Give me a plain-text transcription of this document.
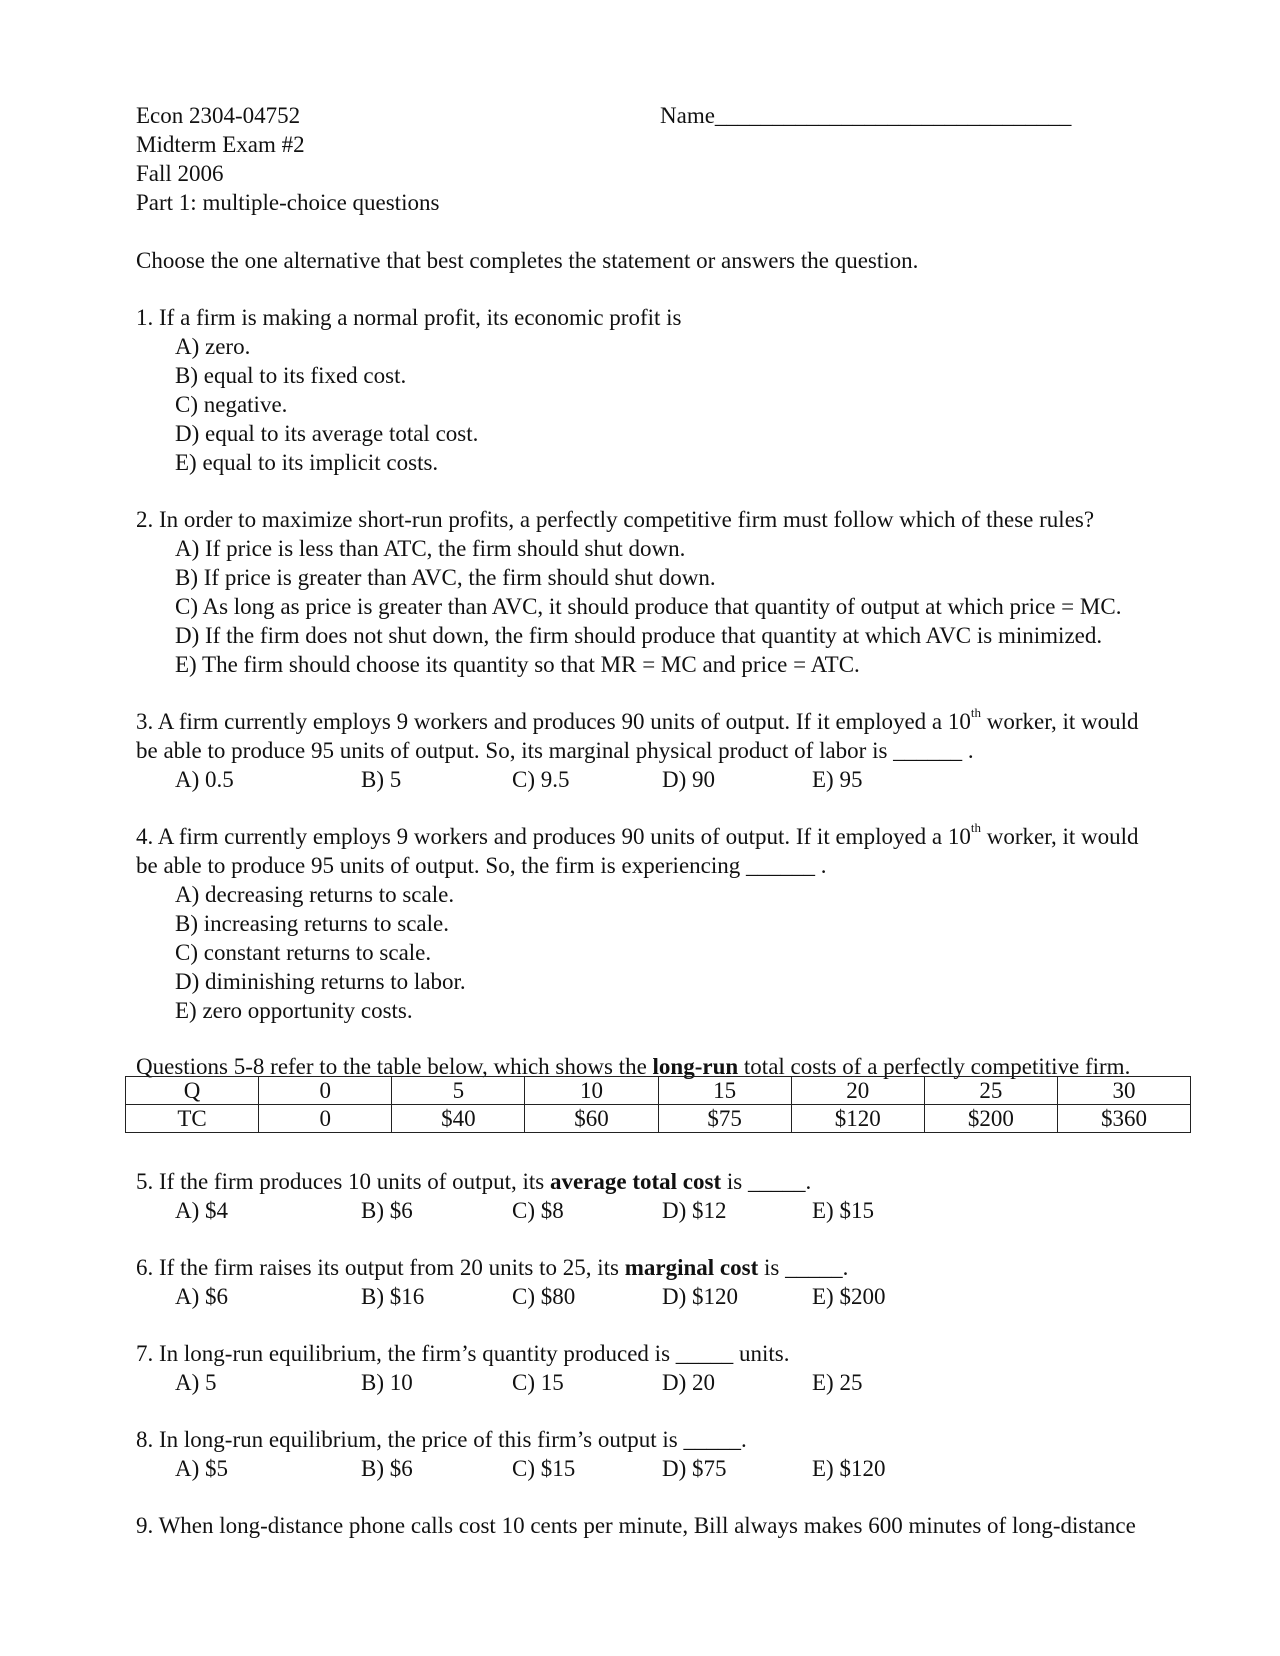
Econ 2304-04752	Name_______________________________
Midterm Exam #2
Fall 2006
Part 1: multiple-choice questions
Choose the one alternative that best completes the statement or answers the question.
1. If a firm is making a normal profit, its economic profit is
A) zero.
B) equal to its fixed cost.
C) negative.
D) equal to its average total cost.
E) equal to its implicit costs.
2. In order to maximize short-run profits, a perfectly competitive firm must follow which of these rules?
A) If price is less than ATC, the firm should shut down.
B) If price is greater than AVC, the firm should shut down.
C) As long as price is greater than AVC, it should produce that quantity of output at which price = MC.
D) If the firm does not shut down, the firm should produce that quantity at which AVC is minimized.
E) The firm should choose its quantity so that MR = MC and price = ATC.
3. A firm currently employs 9 workers and produces 90 units of output. If it employed a 10th worker, it would
be able to produce 95 units of output. So, its marginal physical product of labor is ______ .
A) 0.5	B) 5	C) 9.5	D) 90	E) 95
4. A firm currently employs 9 workers and produces 90 units of output. If it employed a 10th worker, it would
be able to produce 95 units of output. So, the firm is experiencing ______ .
A) decreasing returns to scale.
B) increasing returns to scale.
C) constant returns to scale.
D) diminishing returns to labor.
E) zero opportunity costs.
Questions 5-8 refer to the table below, which shows the long-run total costs of a perfectly competitive firm.
Q	0	5	10	15	20	25	30
TC	0	$40	$60	$75	$120	$200	$360
5. If the firm produces 10 units of output, its average total cost is _____.
A) $4	B) $6	C) $8	D) $12	E) $15
6. If the firm raises its output from 20 units to 25, its marginal cost is _____.
A) $6	B) $16	C) $80	D) $120	E) $200
7. In long-run equilibrium, the firm’s quantity produced is _____ units.
A) 5	B) 10	C) 15	D) 20	E) 25
8. In long-run equilibrium, the price of this firm’s output is _____.
A) $5	B) $6	C) $15	D) $75	E) $120
9. When long-distance phone calls cost 10 cents per minute, Bill always makes 600 minutes of long-distance
